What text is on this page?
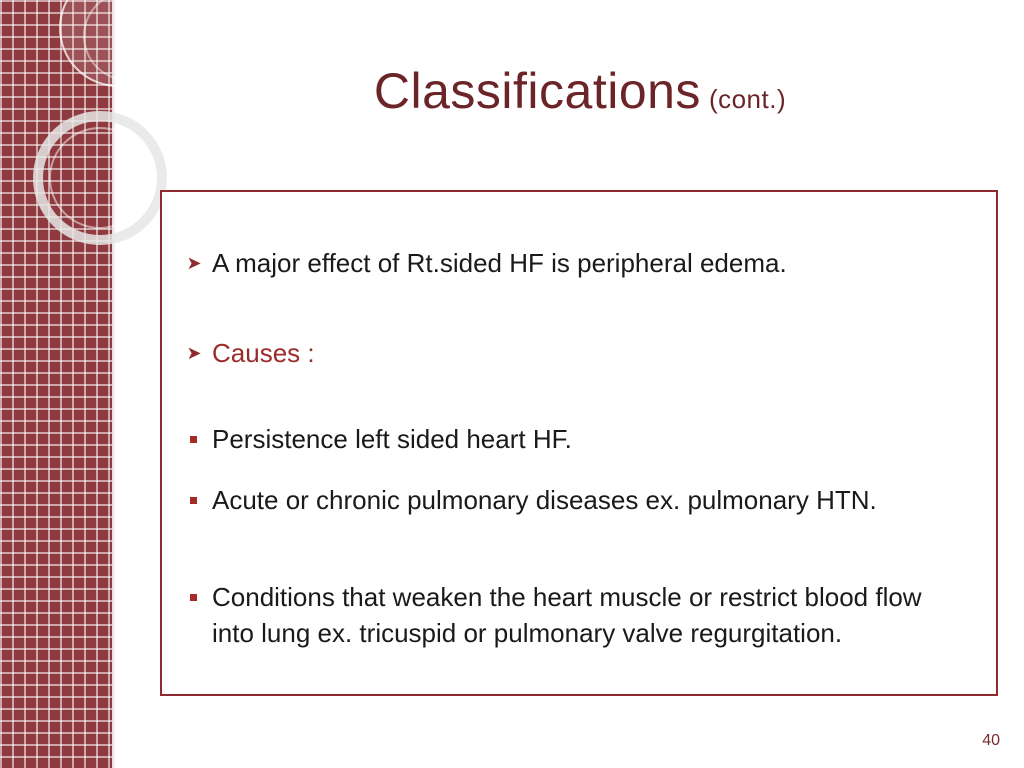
Classifications (cont.)
➤ A major effect of Rt.sided HF is peripheral edema.
➤ Causes :
Persistence left sided heart HF.
Acute or chronic pulmonary diseases ex. pulmonary HTN.
Conditions that weaken the heart muscle or restrict blood flow into lung ex. tricuspid or pulmonary valve regurgitation.
40
